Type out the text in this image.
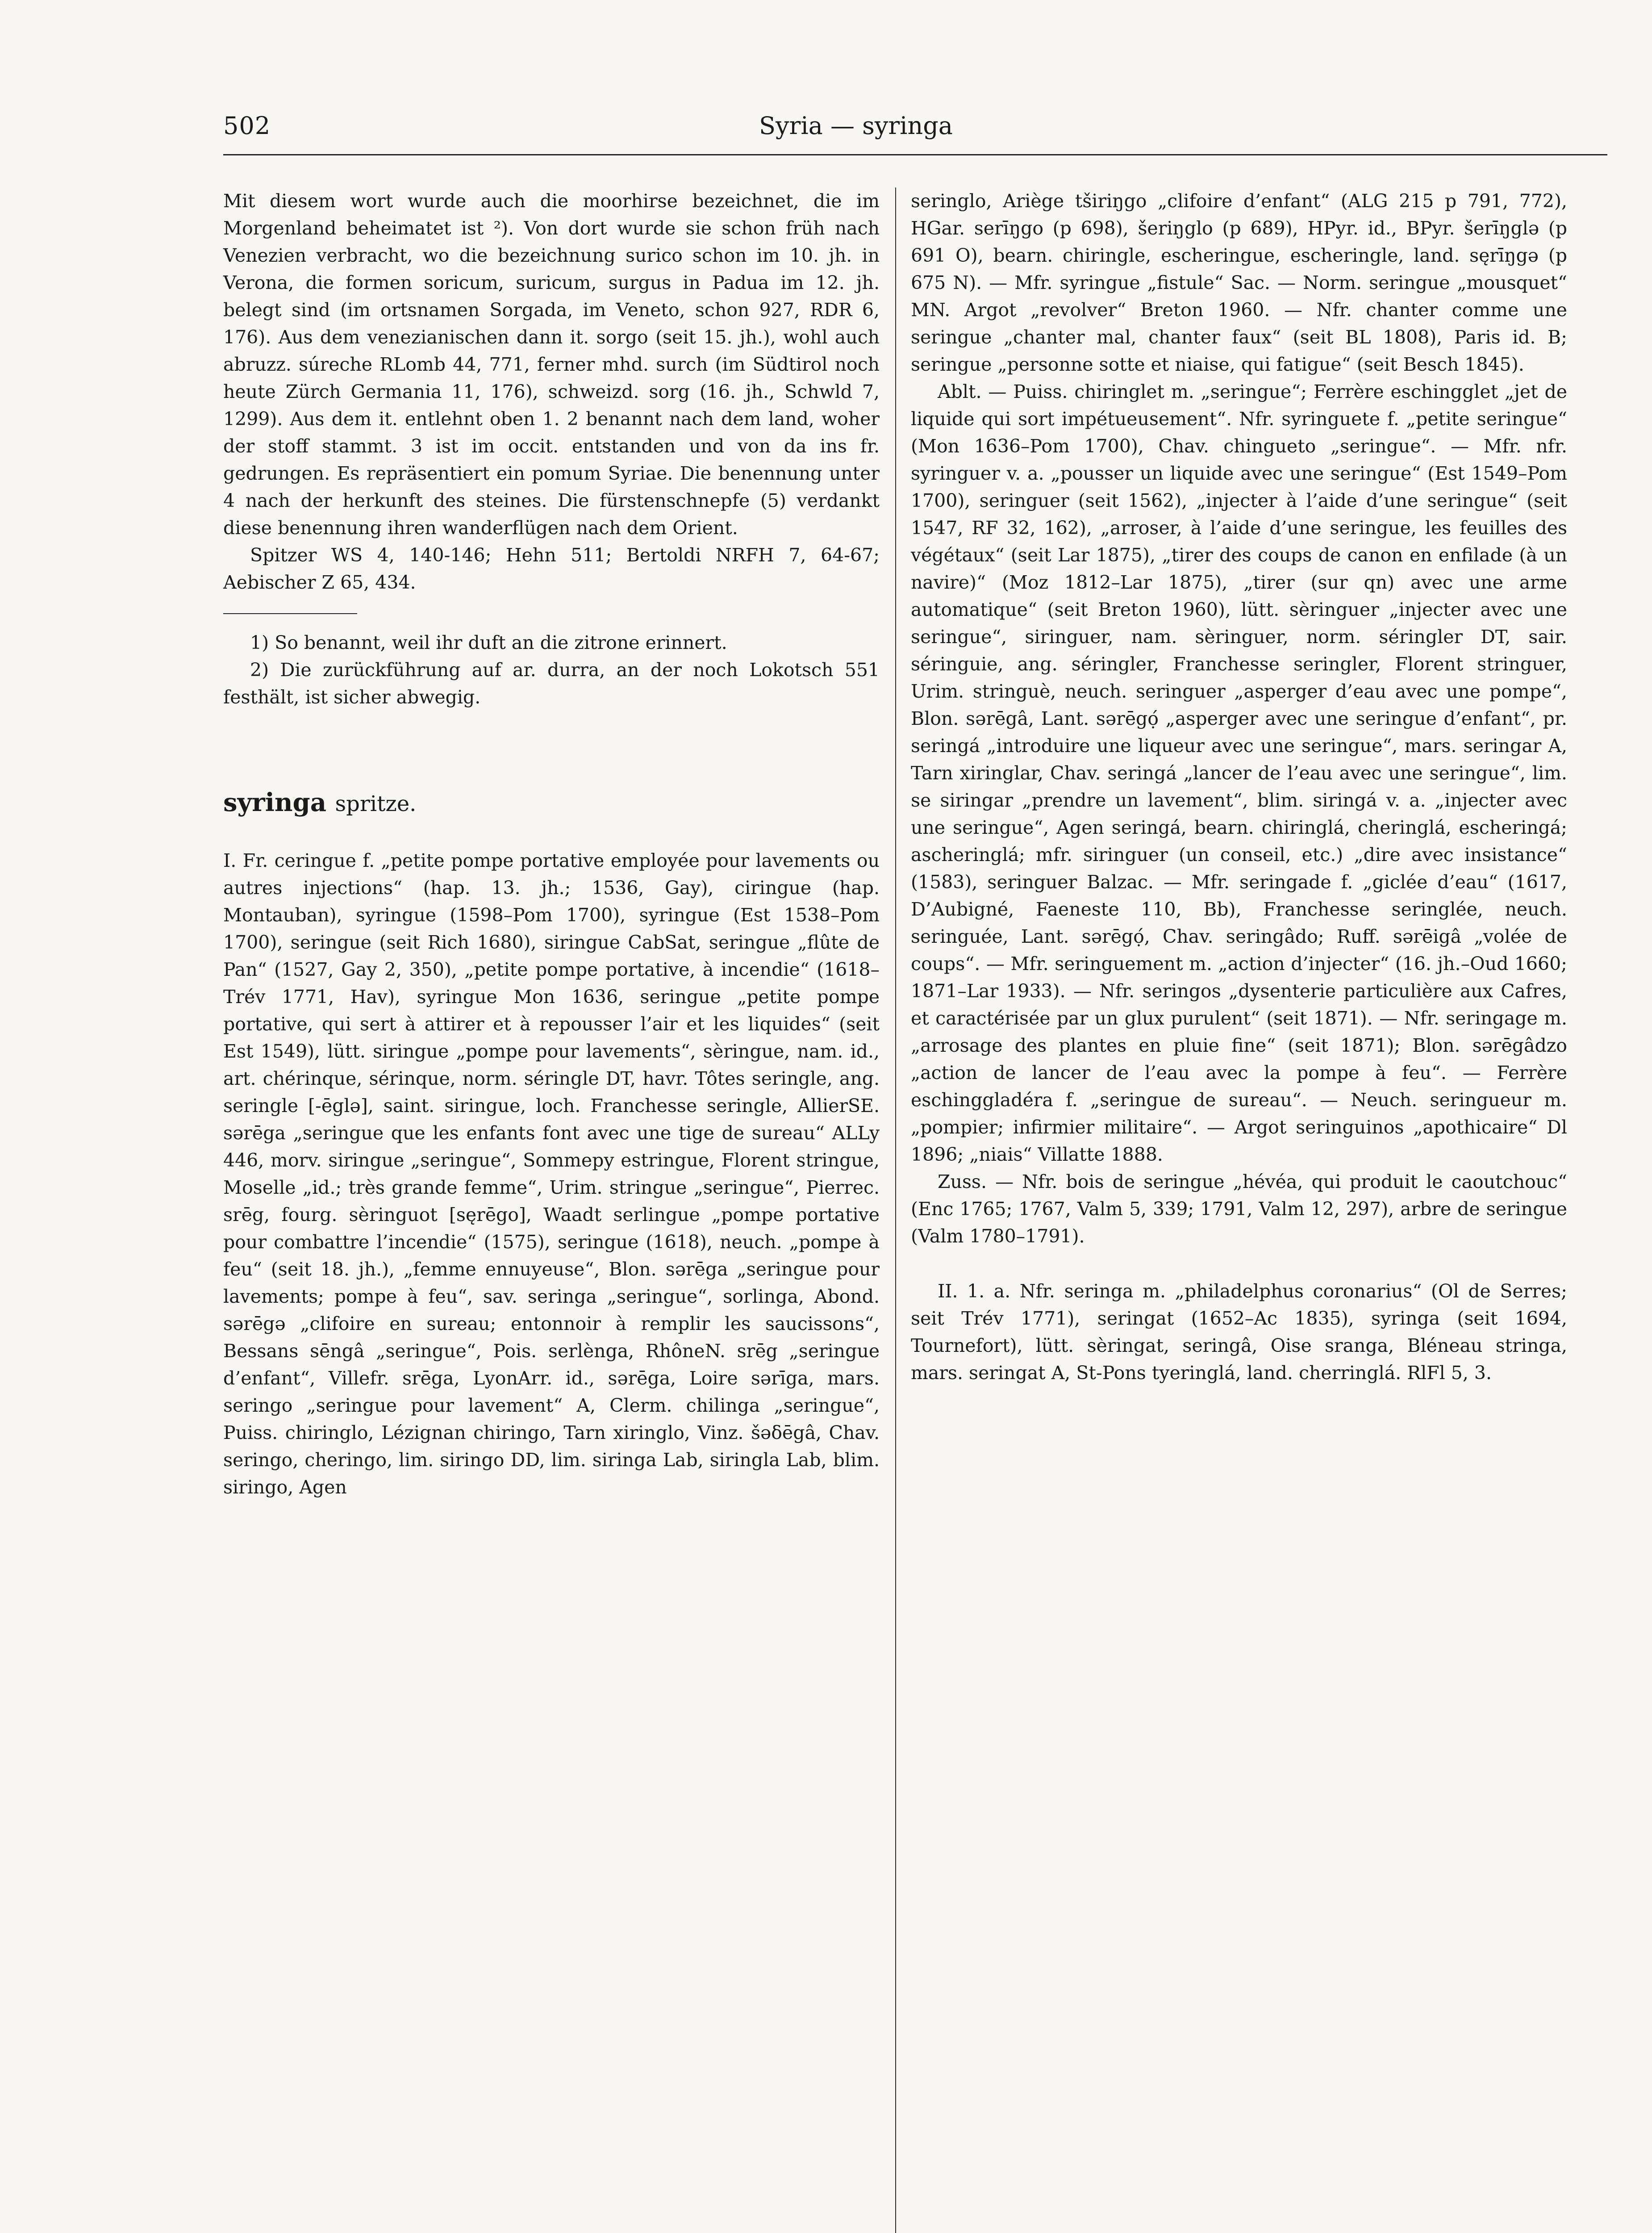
502	Syria — syringa

Mit diesem wort wurde auch die moorhirse bezeichnet, die im Morgenland beheimatet ist ²). Von dort wurde sie schon früh nach Venezien verbracht, wo die bezeichnung surico schon im 10. jh. in Verona, die formen soricum, suricum, surgus in Padua im 12. jh. belegt sind (im ortsnamen Sorgada, im Veneto, schon 927, RDR 6, 176). Aus dem venezianischen dann it. sorgo (seit 15. jh.), wohl auch abruzz. súreche RLomb 44, 771, ferner mhd. surch (im Südtirol noch heute Zürch Germania 11, 176), schweizd. sorg (16. jh., Schwld 7, 1299). Aus dem it. entlehnt oben 1. 2 benannt nach dem land, woher der stoff stammt. 3 ist im occit. entstanden und von da ins fr. gedrungen. Es repräsentiert ein pomum Syriae. Die benennung unter 4 nach der herkunft des steines. Die fürstenschnepfe (5) verdankt diese benennung ihren wanderflügen nach dem Orient.

Spitzer WS 4, 140-146; Hehn 511; Bertoldi NRFH 7, 64-67; Aebischer Z 65, 434.

1) So benannt, weil ihr duft an die zitrone erinnert.

2) Die zurückführung auf ar. durra, an der noch Lokotsch 551 festhält, ist sicher abwegig.

syringa spritze.

I. Fr. ceringue f. „petite pompe portative employée pour lavements ou autres injections“ (hap. 13. jh.; 1536, Gay), ciringue (hap. Montauban), syringue (1598–Pom 1700), syringue (Est 1538–Pom 1700), seringue (seit Rich 1680), siringue CabSat, seringue „flûte de Pan“ (1527, Gay 2, 350), „petite pompe portative, à incendie“ (1618–Trév 1771, Hav), syringue Mon 1636, seringue „petite pompe portative, qui sert à attirer et à repousser l’air et les liquides“ (seit Est 1549), lütt. siringue „pompe pour lavements“, sèringue, nam. id., art. chérinque, sérinque, norm. séringle DT, havr. Tôtes seringle, ang. seringle [-ēglǝ], saint. siringue, loch. Franchesse seringle, AllierSE. sǝrēga „seringue que les enfants font avec une tige de sureau“ ALLy 446, morv. siringue „seringue“, Sommepy estringue, Florent stringue, Moselle „id.; très grande femme“, Urim. stringue „seringue“, Pierrec. srēg, fourg. sèringuot [sęrēgo], Waadt serlingue „pompe portative pour combattre l’incendie“ (1575), seringue (1618), neuch. „pompe à feu“ (seit 18. jh.), „femme ennuyeuse“, Blon. sǝrēga „seringue pour lavements; pompe à feu“, sav. seringa „seringue“, sorlinga, Abond. sǝrēgǝ „clifoire en sureau; entonnoir à remplir les saucissons“, Bessans sēngâ „seringue“, Pois. serlènga, RhôneN. srēg „seringue d’enfant“, Villefr. srēga, LyonArr. id., sǝrēga, Loire sǝrīga, mars. seringo „seringue pour lavement“ A, Clerm. chilinga „seringue“, Puiss. chiringlo, Lézignan chiringo, Tarn xiringlo, Vinz. šǝδēgâ, Chav. seringo, cheringo, lim. siringo DD, lim. siringa Lab, siringla Lab, blim. siringo, Agen

seringlo, Ariège tširiŋgo „clifoire d’enfant“ (ALG 215 p 791, 772), HGar. serīŋgo (p 698), šeriŋglo (p 689), HPyr. id., BPyr. šerīŋglǝ (p 691 O), bearn. chiringle, escheringue, escheringle, land. sęrīŋgǝ (p 675 N). — Mfr. syringue „fistule“ Sac. — Norm. seringue „mousquet“ MN. Argot „revolver“ Breton 1960. — Nfr. chanter comme une seringue „chanter mal, chanter faux“ (seit BL 1808), Paris id. B; seringue „personne sotte et niaise, qui fatigue“ (seit Besch 1845).

Ablt. — Puiss. chiringlet m. „seringue“; Ferrère eschingglet „jet de liquide qui sort impétueusement“. Nfr. syringuete f. „petite seringue“ (Mon 1636–Pom 1700), Chav. chingueto „seringue“. — Mfr. nfr. syringuer v. a. „pousser un liquide avec une seringue“ (Est 1549–Pom 1700), seringuer (seit 1562), „injecter à l’aide d’une seringue“ (seit 1547, RF 32, 162), „arroser, à l’aide d’une seringue, les feuilles des végétaux“ (seit Lar 1875), „tirer des coups de canon en enfilade (à un navire)“ (Moz 1812–Lar 1875), „tirer (sur qn) avec une arme automatique“ (seit Breton 1960), lütt. sèringuer „injecter avec une seringue“, siringuer, nam. sèringuer, norm. séringler DT, sair. séringuie, ang. séringler, Franchesse seringler, Florent stringuer, Urim. stringuè, neuch. seringuer „asperger d’eau avec une pompe“, Blon. sǝrēgâ, Lant. sǝrēgọ́ „asperger avec une seringue d’enfant“, pr. seringá „introduire une liqueur avec une seringue“, mars. seringar A, Tarn xiringlar, Chav. seringá „lancer de l’eau avec une seringue“, lim. se siringar „prendre un lavement“, blim. siringá v. a. „injecter avec une seringue“, Agen seringá, bearn. chiringlá, cheringlá, escheringá; ascheringlá; mfr. siringuer (un conseil, etc.) „dire avec insistance“ (1583), seringuer Balzac. — Mfr. seringade f. „giclée d’eau“ (1617, D’Aubigné, Faeneste 110, Bb), Franchesse seringlée, neuch. seringuée, Lant. sǝrēgọ́, Chav. seringâdo; Ruff. sǝrēigâ „volée de coups“. — Mfr. seringuement m. „action d’injecter“ (16. jh.–Oud 1660; 1871–Lar 1933). — Nfr. seringos „dysenterie particulière aux Cafres, et caractérisée par un glux purulent“ (seit 1871). — Nfr. seringage m. „arrosage des plantes en pluie fine“ (seit 1871); Blon. sǝrēgâdzo „action de lancer de l’eau avec la pompe à feu“. — Ferrère eschinggladéra f. „seringue de sureau“. — Neuch. seringueur m. „pompier; infirmier militaire“. — Argot seringuinos „apothicaire“ Dl 1896; „niais“ Villatte 1888.

Zuss. — Nfr. bois de seringue „hévéa, qui produit le caoutchouc“ (Enc 1765; 1767, Valm 5, 339; 1791, Valm 12, 297), arbre de seringue (Valm 1780–1791).

II. 1. a. Nfr. seringa m. „philadelphus coronarius“ (Ol de Serres; seit Trév 1771), seringat (1652–Ac 1835), syringa (seit 1694, Tournefort), lütt. sèringat, seringâ, Oise sranga, Bléneau stringa, mars. seringat A, St-Pons tyeringlá, land. cherringlá. RlFl 5, 3.
